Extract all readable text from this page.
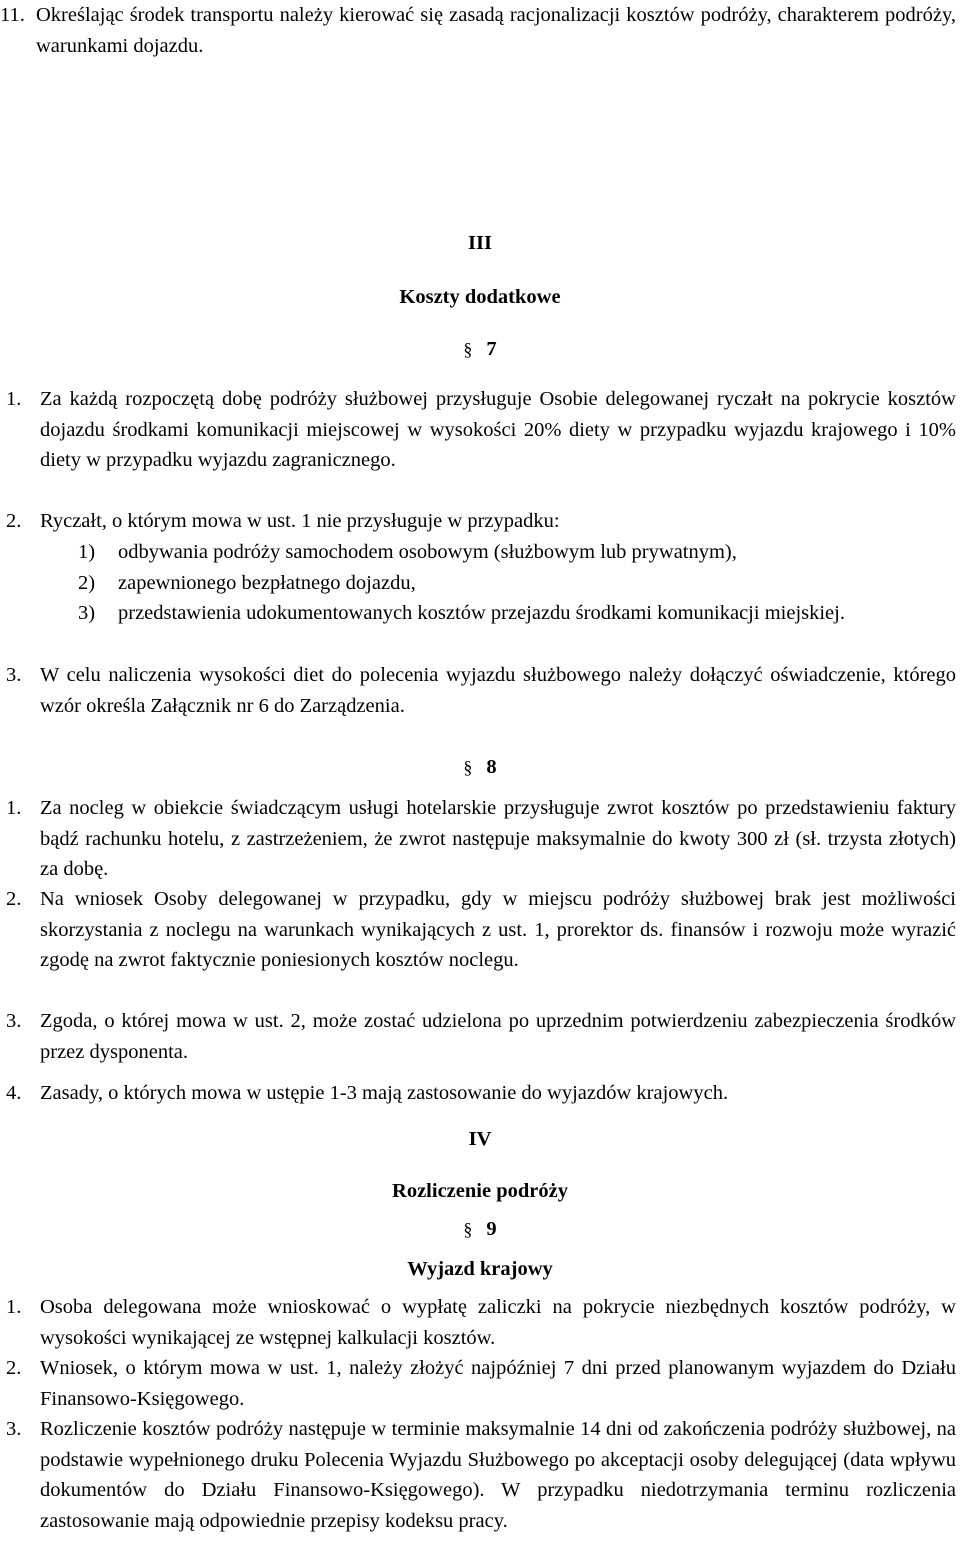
11. Określając środek transportu należy kierować się zasadą racjonalizacji kosztów podróży, charakterem podróży, warunkami dojazdu.
III
Koszty dodatkowe
§ 7
1. Za każdą rozpoczętą dobę podróży służbowej przysługuje Osobie delegowanej ryczałt na pokrycie kosztów dojazdu środkami komunikacji miejscowej w wysokości 20% diety w przypadku wyjazdu krajowego i 10% diety w przypadku wyjazdu zagranicznego.
2. Ryczałt, o którym mowa w ust. 1 nie przysługuje w przypadku:
1) odbywania podróży samochodem osobowym (służbowym lub prywatnym),
2) zapewnionego bezpłatnego dojazdu,
3) przedstawienia udokumentowanych kosztów przejazdu środkami komunikacji miejskiej.
3. W celu naliczenia wysokości diet do polecenia wyjazdu służbowego należy dołączyć oświadczenie, którego wzór określa Załącznik nr 6 do Zarządzenia.
§ 8
1. Za nocleg w obiekcie świadczącym usługi hotelarskie przysługuje zwrot kosztów po przedstawieniu faktury bądź rachunku hotelu, z zastrzeżeniem, że zwrot następuje maksymalnie do kwoty 300 zł (sł. trzysta złotych) za dobę.
2. Na wniosek Osoby delegowanej w przypadku, gdy w miejscu podróży służbowej brak jest możliwości skorzystania z noclegu na warunkach wynikających z ust. 1, prorektor ds. finansów i rozwoju może wyrazić zgodę na zwrot faktycznie poniesionych kosztów noclegu.
3. Zgoda, o której mowa w ust. 2, może zostać udzielona po uprzednim potwierdzeniu zabezpieczenia środków przez dysponenta.
4. Zasady, o których mowa w ustępie 1-3 mają zastosowanie do wyjazdów krajowych.
IV
Rozliczenie podróży
§ 9
Wyjazd krajowy
1. Osoba delegowana może wnioskować o wypłatę zaliczki na pokrycie niezbędnych kosztów podróży, w wysokości wynikającej ze wstępnej kalkulacji kosztów.
2. Wniosek, o którym mowa w ust. 1, należy złożyć najpóźniej 7 dni przed planowanym wyjazdem do Działu Finansowo-Księgowego.
3. Rozliczenie kosztów podróży następuje w terminie maksymalnie 14 dni od zakończenia podróży służbowej, na podstawie wypełnionego druku Polecenia Wyjazdu Służbowego po akceptacji osoby delegującej (data wpływu dokumentów do Działu Finansowo-Księgowego). W przypadku niedotrzymania terminu rozliczenia zastosowanie mają odpowiednie przepisy kodeksu pracy.
